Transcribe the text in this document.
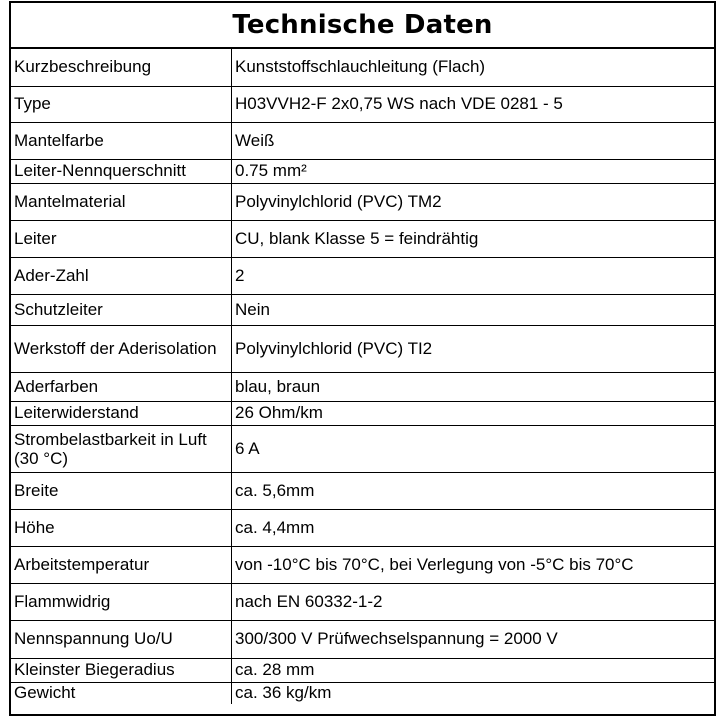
Technische Daten
Kurzbeschreibung	Kunststoffschlauchleitung (Flach)
Type	H03VVH2-F 2x0,75 WS nach VDE 0281 - 5
Mantelfarbe	Weiß
Leiter-Nennquerschnitt	0.75 mm²
Mantelmaterial	Polyvinylchlorid (PVC) TM2
Leiter	CU, blank Klasse 5 = feindrähtig
Ader-Zahl	2
Schutzleiter	Nein
Werkstoff der Aderisolation	Polyvinylchlorid (PVC) TI2
Aderfarben	blau, braun
Leiterwiderstand	26 Ohm/km
Strombelastbarkeit in Luft (30 °C)	6 A
Breite	ca. 5,6mm
Höhe	ca. 4,4mm
Arbeitstemperatur	von -10°C bis 70°C, bei Verlegung von -5°C bis 70°C
Flammwidrig	nach EN 60332-1-2
Nennspannung Uo/U	300/300 V Prüfwechselspannung = 2000 V
Kleinster Biegeradius	ca. 28 mm
Gewicht	ca. 36 kg/km
